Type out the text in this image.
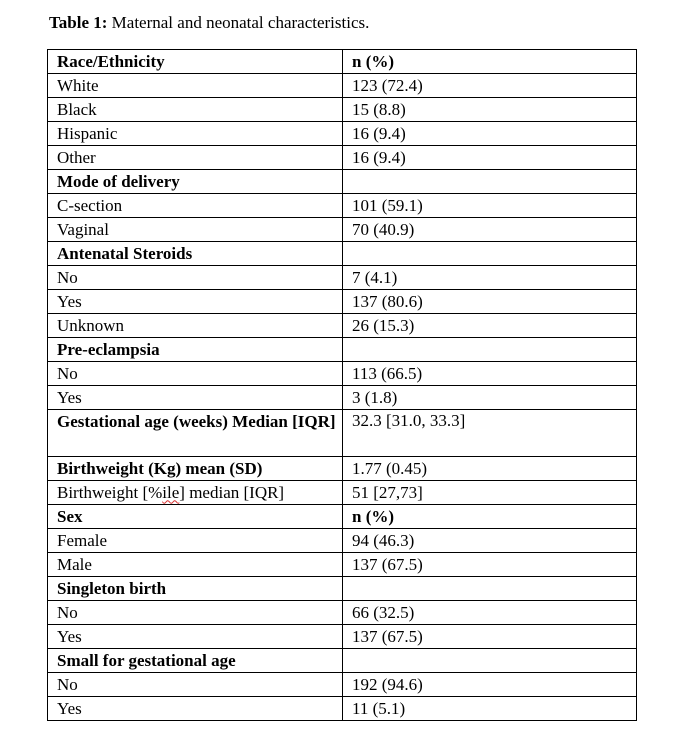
Table 1: Maternal and neonatal characteristics.
Race/Ethnicity	n (%)
White	123 (72.4)
Black	15 (8.8)
Hispanic	16 (9.4)
Other	16 (9.4)
Mode of delivery	
C-section	101 (59.1)
Vaginal	70 (40.9)
Antenatal Steroids	
No	7 (4.1)
Yes	137 (80.6)
Unknown	26 (15.3)
Pre-eclampsia	
No	113 (66.5)
Yes	3 (1.8)
Gestational age (weeks) Median [IQR]	32.3 [31.0, 33.3]
Birthweight (Kg) mean (SD)	1.77 (0.45)
Birthweight [%ile] median [IQR]	51 [27,73]
Sex	n (%)
Female	94 (46.3)
Male	137 (67.5)
Singleton birth	
No	66 (32.5)
Yes	137 (67.5)
Small for gestational age	
No	192 (94.6)
Yes	11 (5.1)
